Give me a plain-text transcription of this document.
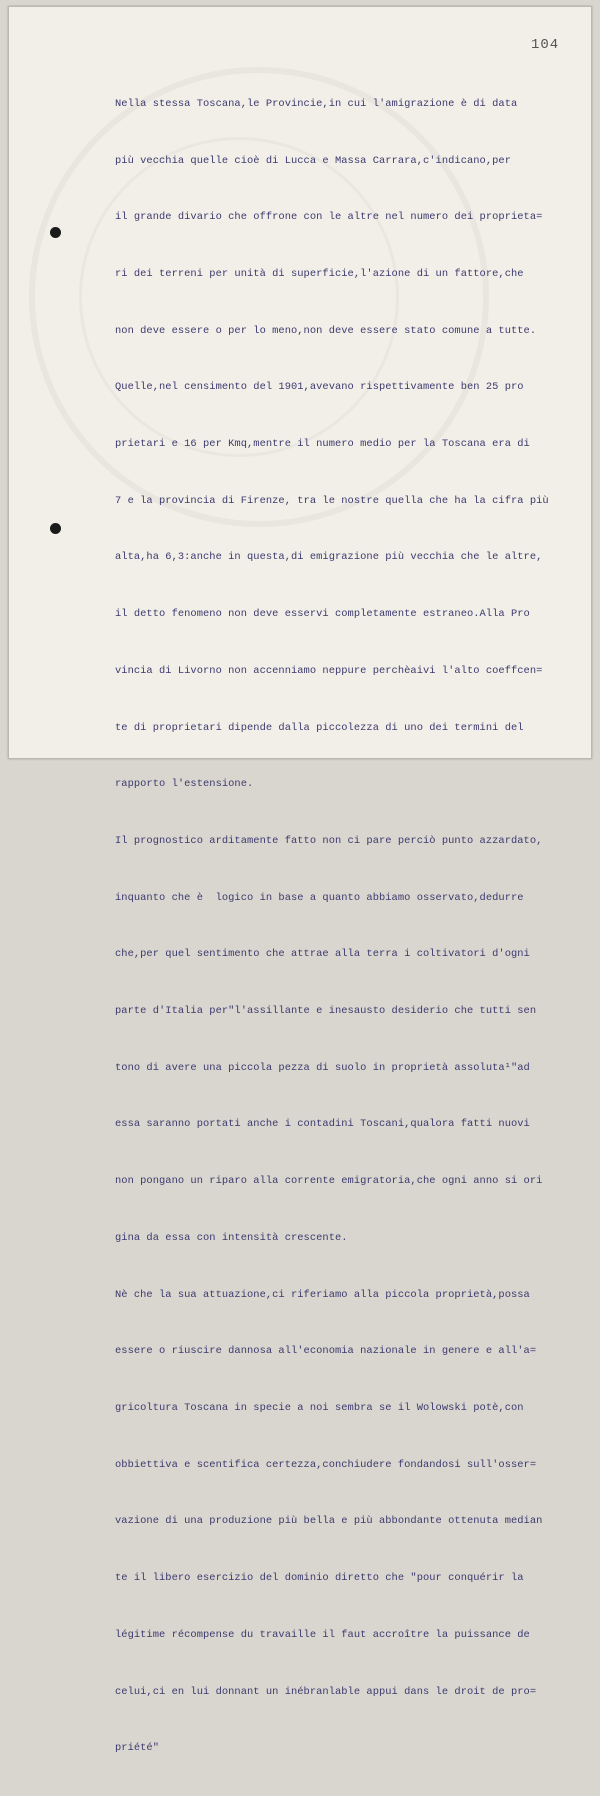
104

Nella stessa Toscana,le Provincie,in cui l'amigrazione è di data

più vecchia quelle cioè di Lucca e Massa Carrara,c'indicano,per

il grande divario che offrone con le altre nel numero dei proprieta=

ri dei terreni per unità di superficie,l'azione di un fattore,che

non deve essere o per lo meno,non deve essere stato comune a tutte.

Quelle,nel censimento del 1901,avevano rispettivamente ben 25 pro

prietari e 16 per Kmq,mentre il numero medio per la Toscana era di

7 e la provincia di Firenze, tra le nostre quella che ha la cifra più

alta,ha 6,3:anche in questa,di emigrazione più vecchia che le altre,

il detto fenomeno non deve esservi completamente estraneo.Alla Pro

vincia di Livorno non accenniamo neppure perchèaivi l'alto coeffcen=

te di proprietari dipende dalla piccolezza di uno dei termini del

rapporto l'estensione.

Il prognostico arditamente fatto non ci pare perciò punto azzardato,

inquanto che è  logico in base a quanto abbiamo osservato,dedurre

che,per quel sentimento che attrae alla terra i coltivatori d'ogni

parte d'Italia per"l'assillante e inesausto desiderio che tutti sen

tono di avere una piccola pezza di suolo in proprietà assoluta¹"ad

essa saranno portati anche i contadini Toscani,qualora fatti nuovi

non pongano un riparo alla corrente emigratoria,che ogni anno si ori

gina da essa con intensità crescente.

Nè che la sua attuazione,ci riferiamo alla piccola proprietà,possa

essere o riuscire dannosa all'economia nazionale in genere e all'a=

gricoltura Toscana in specie a noi sembra se il Wolowski potè,con

obbiettiva e scentifica certezza,conchiudere fondandosi sull'osser=

vazione di una produzione più bella e più abbondante ottenuta median

te il libero esercizio del dominio diretto che "pour conquérir la

légitime récompense du travaille il faut accroître la puissance de

celui,ci en lui donnant un inébranlable appui dans le droit de pro=

priété"
